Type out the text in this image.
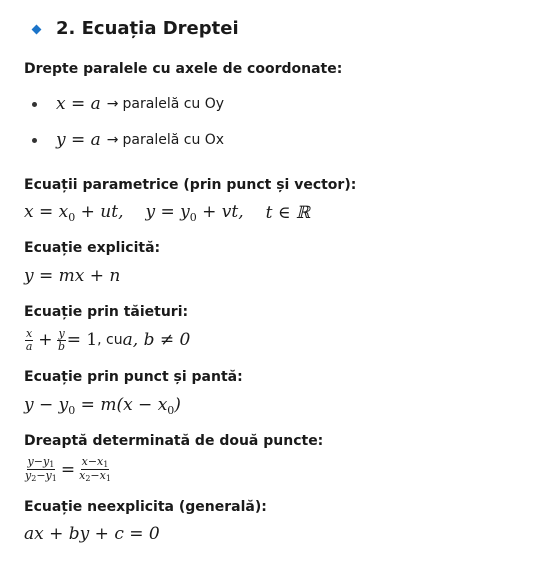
2. Ecuația Dreptei
Drepte paralele cu axele de coordonate:
x = a → paralelă cu Oy
y = a → paralelă cu Ox
Ecuații parametrice (prin punct și vector):
$x = x_0$ + ut, $y = y_0$ + vt, t ∈ ℝ
Ecuație explicită:
y = mx + n
Ecuație prin tăieturi:
$\frac{x}{a} + \frac{y}{b} = 1$ , cu a, b ≠ 0
Ecuație prin punct și pantă:
$y - y_0 = m(x - x_0)$
Dreaptă determinată de două puncte:
$\frac{y-y1}{y2-y1} = \frac{x-x1}{x2-x1}$
Ecuație neexplicita (generală):
ax + by + c = 0
